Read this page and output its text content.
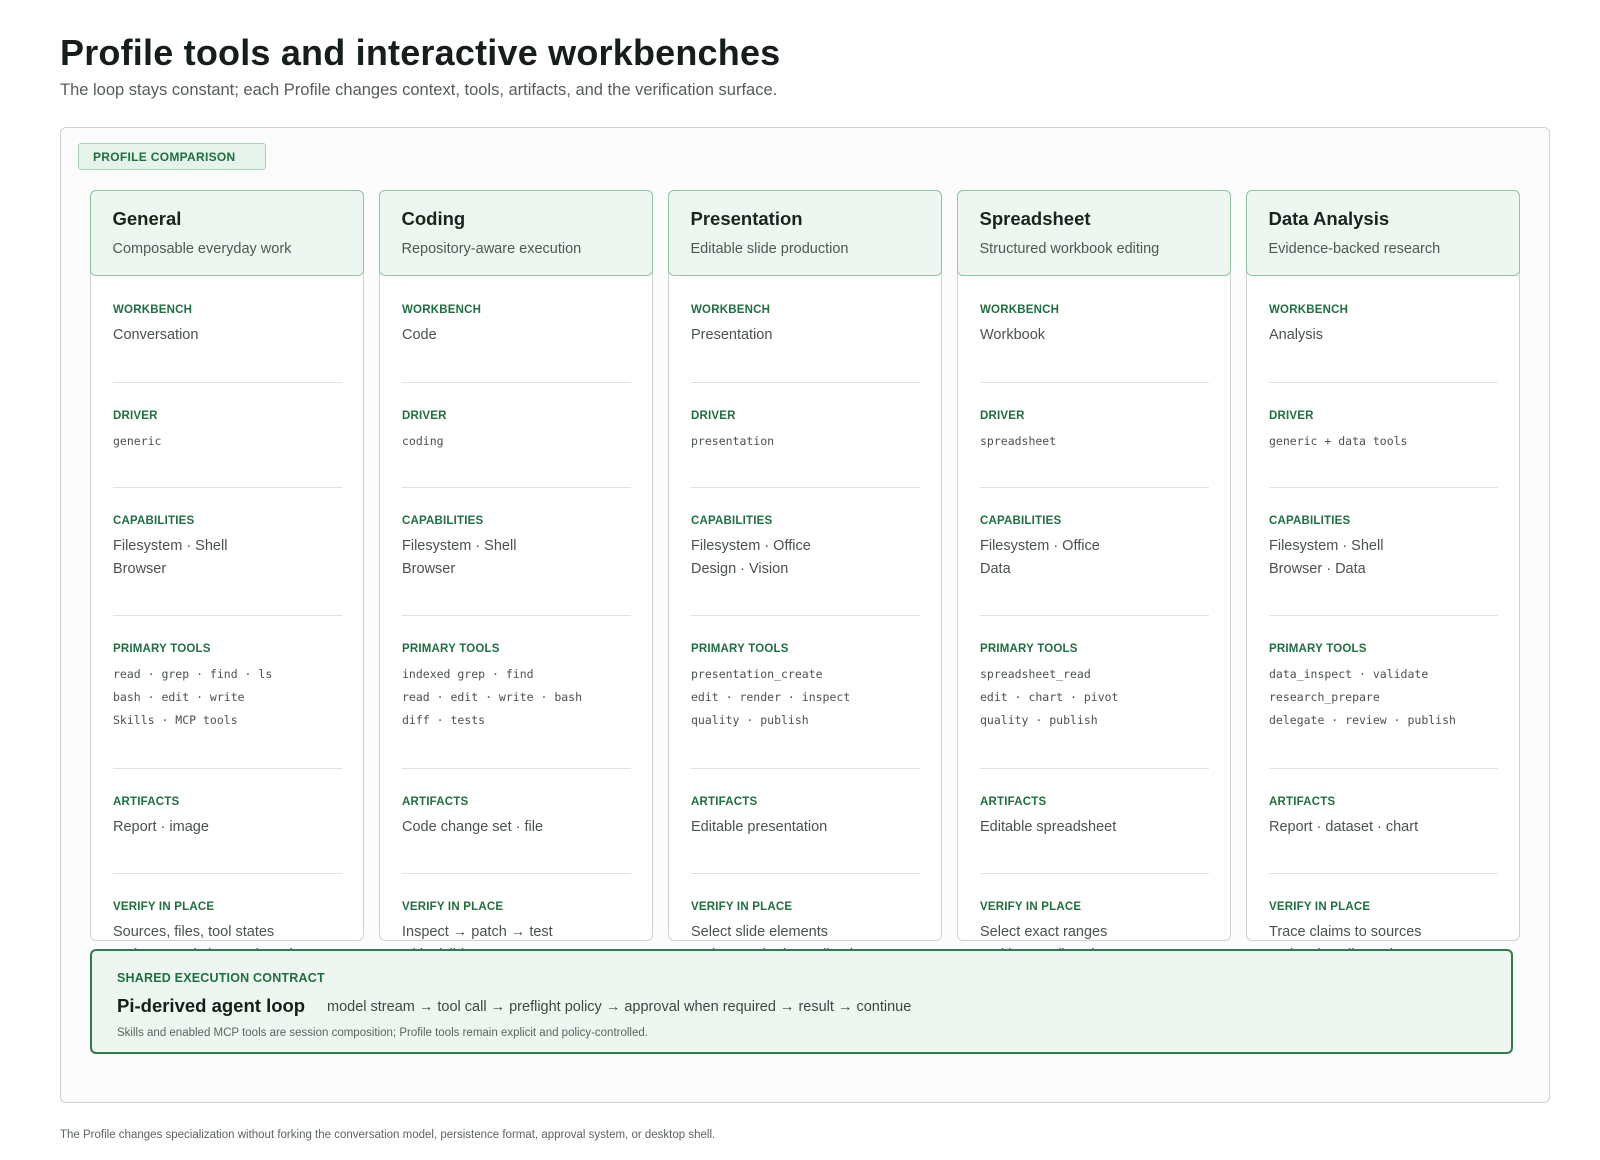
Profile tools and interactive workbenches
The loop stays constant; each Profile changes context, tools, artifacts, and the verification surface.
PROFILE COMPARISON
General
Composable everyday work
WORKBENCH
Conversation
DRIVER
generic
CAPABILITIES
Filesystem · Shell
Browser
PRIMARY TOOLS
read · grep · find · ls
bash · edit · write
Skills · MCP tools
ARTIFACTS
Report · image
VERIFY IN PLACE
Sources, files, tool states
Coding
Repository-aware execution
WORKBENCH
Code
DRIVER
coding
CAPABILITIES
Filesystem · Shell
Browser
PRIMARY TOOLS
indexed grep · find
read · edit · write · bash
diff · tests
ARTIFACTS
Code change set · file
VERIFY IN PLACE
Inspect → patch → test
Presentation
Editable slide production
WORKBENCH
Presentation
DRIVER
presentation
CAPABILITIES
Filesystem · Office
Design · Vision
PRIMARY TOOLS
presentation_create
edit · render · inspect
quality · publish
ARTIFACTS
Editable presentation
VERIFY IN PLACE
Select slide elements
Spreadsheet
Structured workbook editing
WORKBENCH
Workbook
DRIVER
spreadsheet
CAPABILITIES
Filesystem · Office
Data
PRIMARY TOOLS
spreadsheet_read
edit · chart · pivot
quality · publish
ARTIFACTS
Editable spreadsheet
VERIFY IN PLACE
Select exact ranges
Data Analysis
Evidence-backed research
WORKBENCH
Analysis
DRIVER
generic + data tools
CAPABILITIES
Filesystem · Shell
Browser · Data
PRIMARY TOOLS
data_inspect · validate
research_prepare
delegate · review · publish
ARTIFACTS
Report · dataset · chart
VERIFY IN PLACE
Trace claims to sources
SHARED EXECUTION CONTRACT
Pi-derived agent loop model stream → tool call → preflight policy → approval when required → result → continue
Skills and enabled MCP tools are session composition; Profile tools remain explicit and policy-controlled.
The Profile changes specialization without forking the conversation model, persistence format, approval system, or desktop shell.
